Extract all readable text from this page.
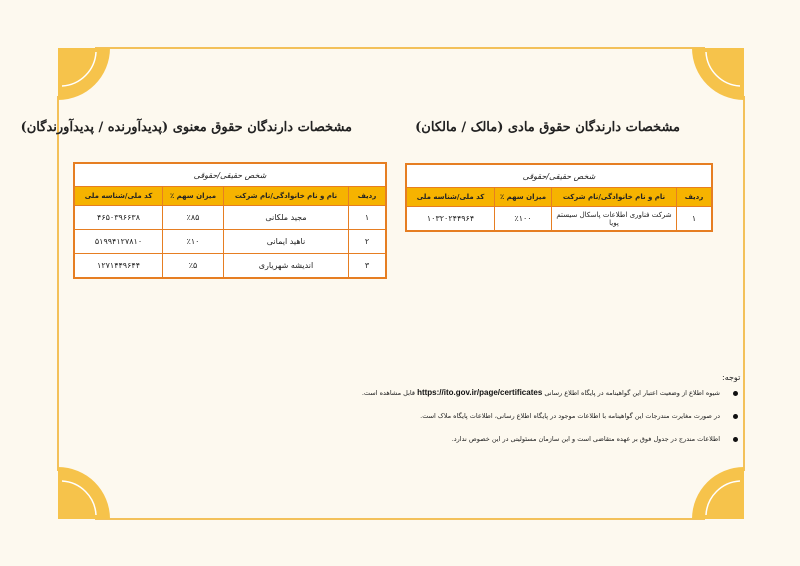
مشخصات دارندگان حقوق مادی (مالک / مالکان)
شخص حقیقی/حقوقی			
ردیف	نام و نام خانوادگی/نام شرکت	میزان سهم ٪	کد ملی/شناسه ملی
۱	شرکت فناوری اطلاعات پاسکال سیستم پویا	٪۱۰۰	۱۰۳۲۰۲۴۴۹۶۴
مشخصات دارندگان حقوق معنوی (پدیدآورنده / پدیدآورندگان)
شخص حقیقی/حقوقی			
ردیف	نام و نام خانوادگی/نام شرکت	میزان سهم ٪	کد ملی/شناسه ملی
۱	مجید ملکانی	٪۸۵	۴۶۵۰۳۹۶۶۳۸
۲	ناهید ایمانی	٪۱۰	۵۱۹۹۴۱۲۷۸۱۰
۳	اندیشه شهریاری	٪۵	۱۲۷۱۴۴۹۶۴۴
توجه:
شیوه اطلاع از وضعیت اعتبار این گواهینامه در پایگاه اطلاع رسانی https://ito.gov.ir/page/certificates قابل مشاهده است.
در صورت مغایرت مندرجات این گواهینامه با اطلاعات موجود در پایگاه اطلاع رسانی، اطلاعات پایگاه ملاک است.
اطلاعات مندرج در جدول فوق بر عهده متقاضی است و این سازمان مسئولیتی در این خصوص ندارد.
